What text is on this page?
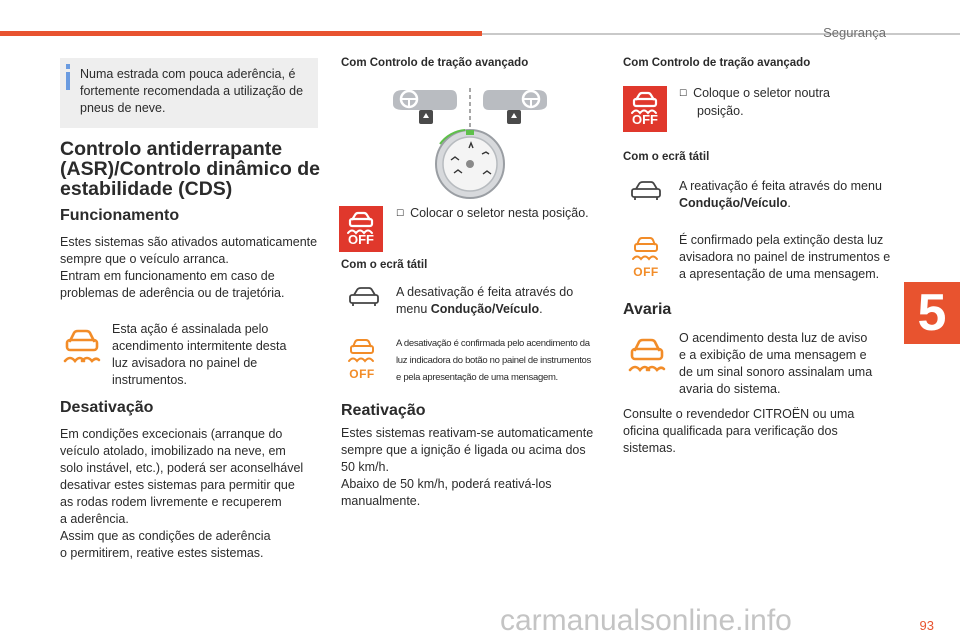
Segurança
5
93
Numa estrada com pouca aderência, é fortemente recomendada a utilização de pneus de neve.
Controlo antiderrapante (ASR)/Controlo dinâmico de estabilidade (CDS)
Funcionamento
Estes sistemas são ativados automaticamente
sempre que o veículo arranca.
Entram em funcionamento em caso de
problemas de aderência ou de trajetória.
Esta ação é assinalada pelo
acendimento intermitente desta
luz avisadora no painel de
instrumentos.
Desativação
Em condições excecionais (arranque do
veículo atolado, imobilizado na neve, em
solo instável, etc.), poderá ser aconselhável
desativar estes sistemas para permitir que
as rodas rodem livremente e recuperem
a aderência.
Assim que as condições de aderência
o permitirem, reative estes sistemas.
Com Controlo de tração avançado
OFF
☐ Colocar o seletor nesta posição.
Com o ecrã tátil
A desativação é feita através do
menu Condução/Veículo.
OFF
A desativação é confirmada pelo acendimento da
luz indicadora do botão no painel de instrumentos
e pela apresentação de uma mensagem.
Reativação
Estes sistemas reativam-se automaticamente
sempre que a ignição é ligada ou acima dos
50 km/h.
Abaixo de 50 km/h, poderá reativá-los
manualmente.
Com Controlo de tração avançado
OFF
☐ Coloque o seletor noutra
posição.
Com o ecrã tátil
A reativação é feita através do menu
Condução/Veículo.
OFF
É confirmado pela extinção desta luz
avisadora no painel de instrumentos e
a apresentação de uma mensagem.
Avaria
O acendimento desta luz de aviso
e a exibição de uma mensagem e
de um sinal sonoro assinalam uma
avaria do sistema.
Consulte o revendedor CITROËN ou uma
oficina qualificada para verificação dos
sistemas.
carmanualsonline.info
